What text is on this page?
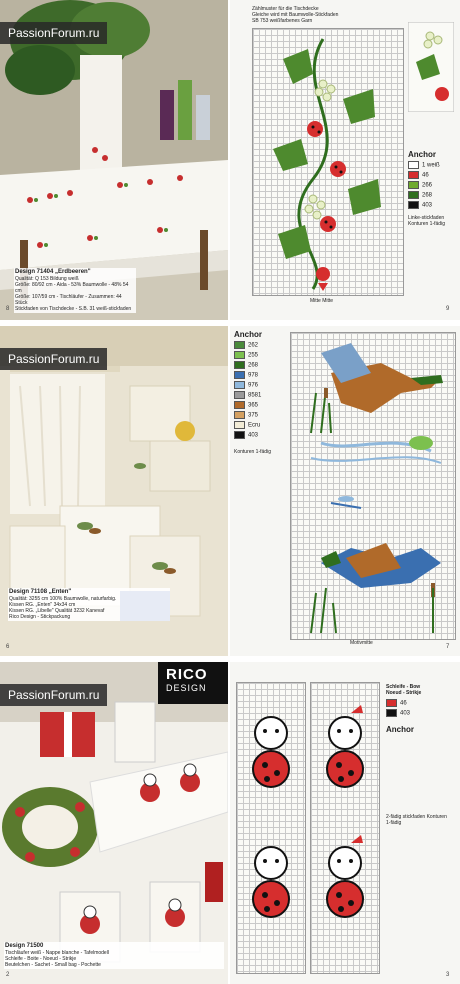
PassionForum.ru
Design 71404 „Erdbeeren"
Qualität: Q 153 Bildung weiß
Größe: 80/92 cm - Aida - 53% Baumwolle - 48% 54 cm
Größe: 107/59 cm - Tischläufer - Zusammen: 44 Stück
Stickfaden von Tischdecke - S.B. 31 weiß-stickfaden
8
Zählmuster für die Tischdecke
Gleiche wird mit Baumwolle-Stickfaden
SB 753 weißfarbenes Garn
Anchor
1 weiß
46
266
268
403
Linke-stickfaden
Konturen 1-fädig
Mitte Mitte
9
PassionForum.ru
Design 71108 „Enten"
Qualität: 3255 cm 100% Baumwolle, naturfarbig.
Kissen RG. „Enten" 34x34 cm
Kissen RG. „Libelle" Qualität 3232 Kanevaf
Rico Design - Stickpackung
6
Anchor
262
255
268
978
976
8581
365
375
Ecru
403
Konturen 1-fädig
Motivmitte
7
PassionForum.ru
RICO
DESIGN
Design 71500
Tischläufer weiß - Nappe blanche - Tafelmodell
Schleife - Boite - Noeud - Strikje
Beutelchen - Sachet - Small bag - Pochette
2
Schleife - Bow
Noeud - Strikje
46
403
Anchor
2-fädig stickfaden Konturen
1-fädig
3
